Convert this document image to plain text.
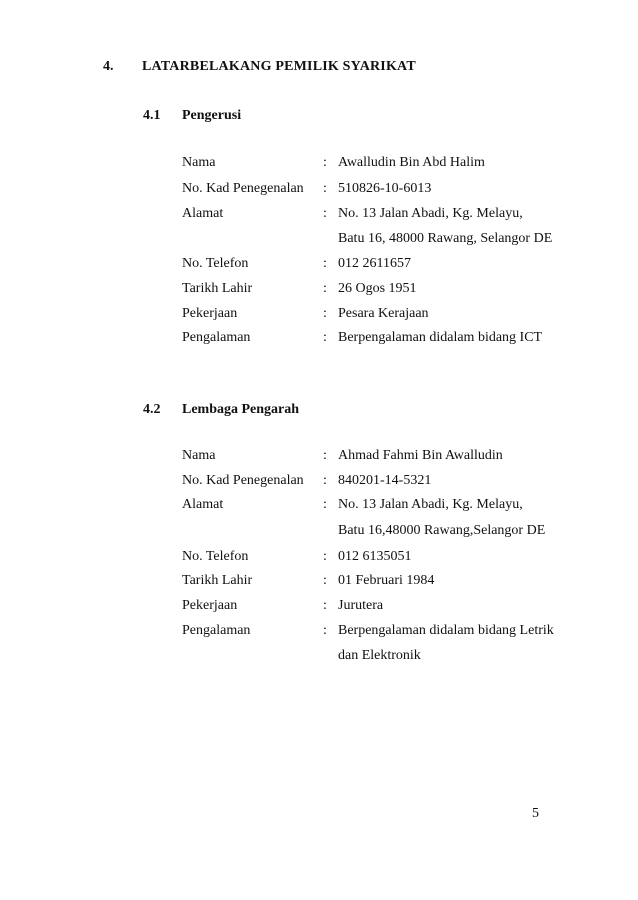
4. LATARBELAKANG PEMILIK SYARIKAT
4.1 Pengerusi
Nama	: Awalludin Bin Abd Halim
No. Kad Penegenalan : 510826-10-6013
Alamat	: No. 13 Jalan Abadi, Kg. Melayu,
Batu 16, 48000 Rawang, Selangor DE
No. Telefon	: 012 2611657
Tarikh Lahir	: 26 Ogos 1951
Pekerjaan	: Pesara Kerajaan
Pengalaman	: Berpengalaman didalam bidang ICT
4.2 Lembaga Pengarah
Nama	: Ahmad Fahmi Bin Awalludin
No. Kad Penegenalan : 840201-14-5321
Alamat	: No. 13 Jalan Abadi, Kg. Melayu,
Batu 16,48000 Rawang,Selangor DE
No. Telefon	: 012 6135051
Tarikh Lahir	: 01 Februari 1984
Pekerjaan	: Jurutera
Pengalaman	: Berpengalaman didalam bidang Letrik
dan Elektronik
5
